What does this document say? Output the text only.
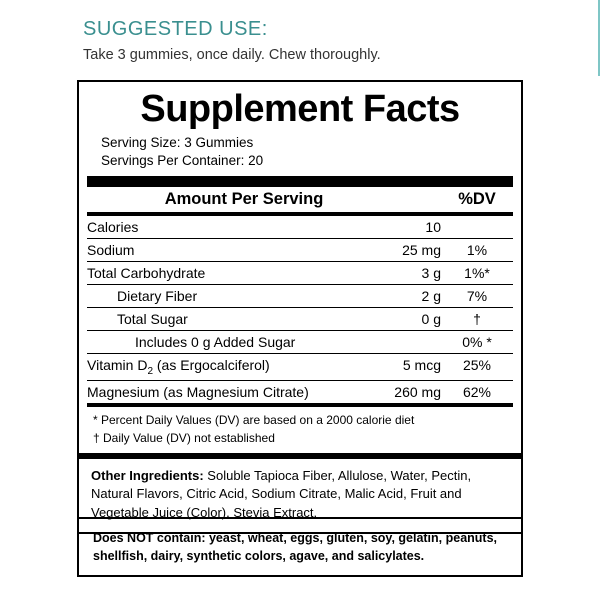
SUGGESTED USE:
Take 3 gummies, once daily. Chew thoroughly.
Supplement Facts
Serving Size: 3 Gummies
Servings Per Container: 20
Amount Per Serving	%DV
Calories	10	
Sodium	25 mg	1%
Total Carbohydrate	3 g	1%*
Dietary Fiber	2 g	7%
Total Sugar	0 g	†
Includes 0 g Added Sugar		0% *
Vitamin $D_2$ (as Ergocalciferol)	5 mcg	25%
Magnesium (as Magnesium Citrate)	260 mg	62%
* Percent Daily Values (DV) are based on a 2000 calorie diet
† Daily Value (DV) not established
Other Ingredients: Soluble Tapioca Fiber, Allulose, Water, Pectin, Natural Flavors, Citric Acid, Sodium Citrate, Malic Acid, Fruit and Vegetable Juice (Color), Stevia Extract.
Does NOT contain: yeast, wheat, eggs, gluten, soy, gelatin, peanuts, shellfish, dairy, synthetic colors, agave, and salicylates.
